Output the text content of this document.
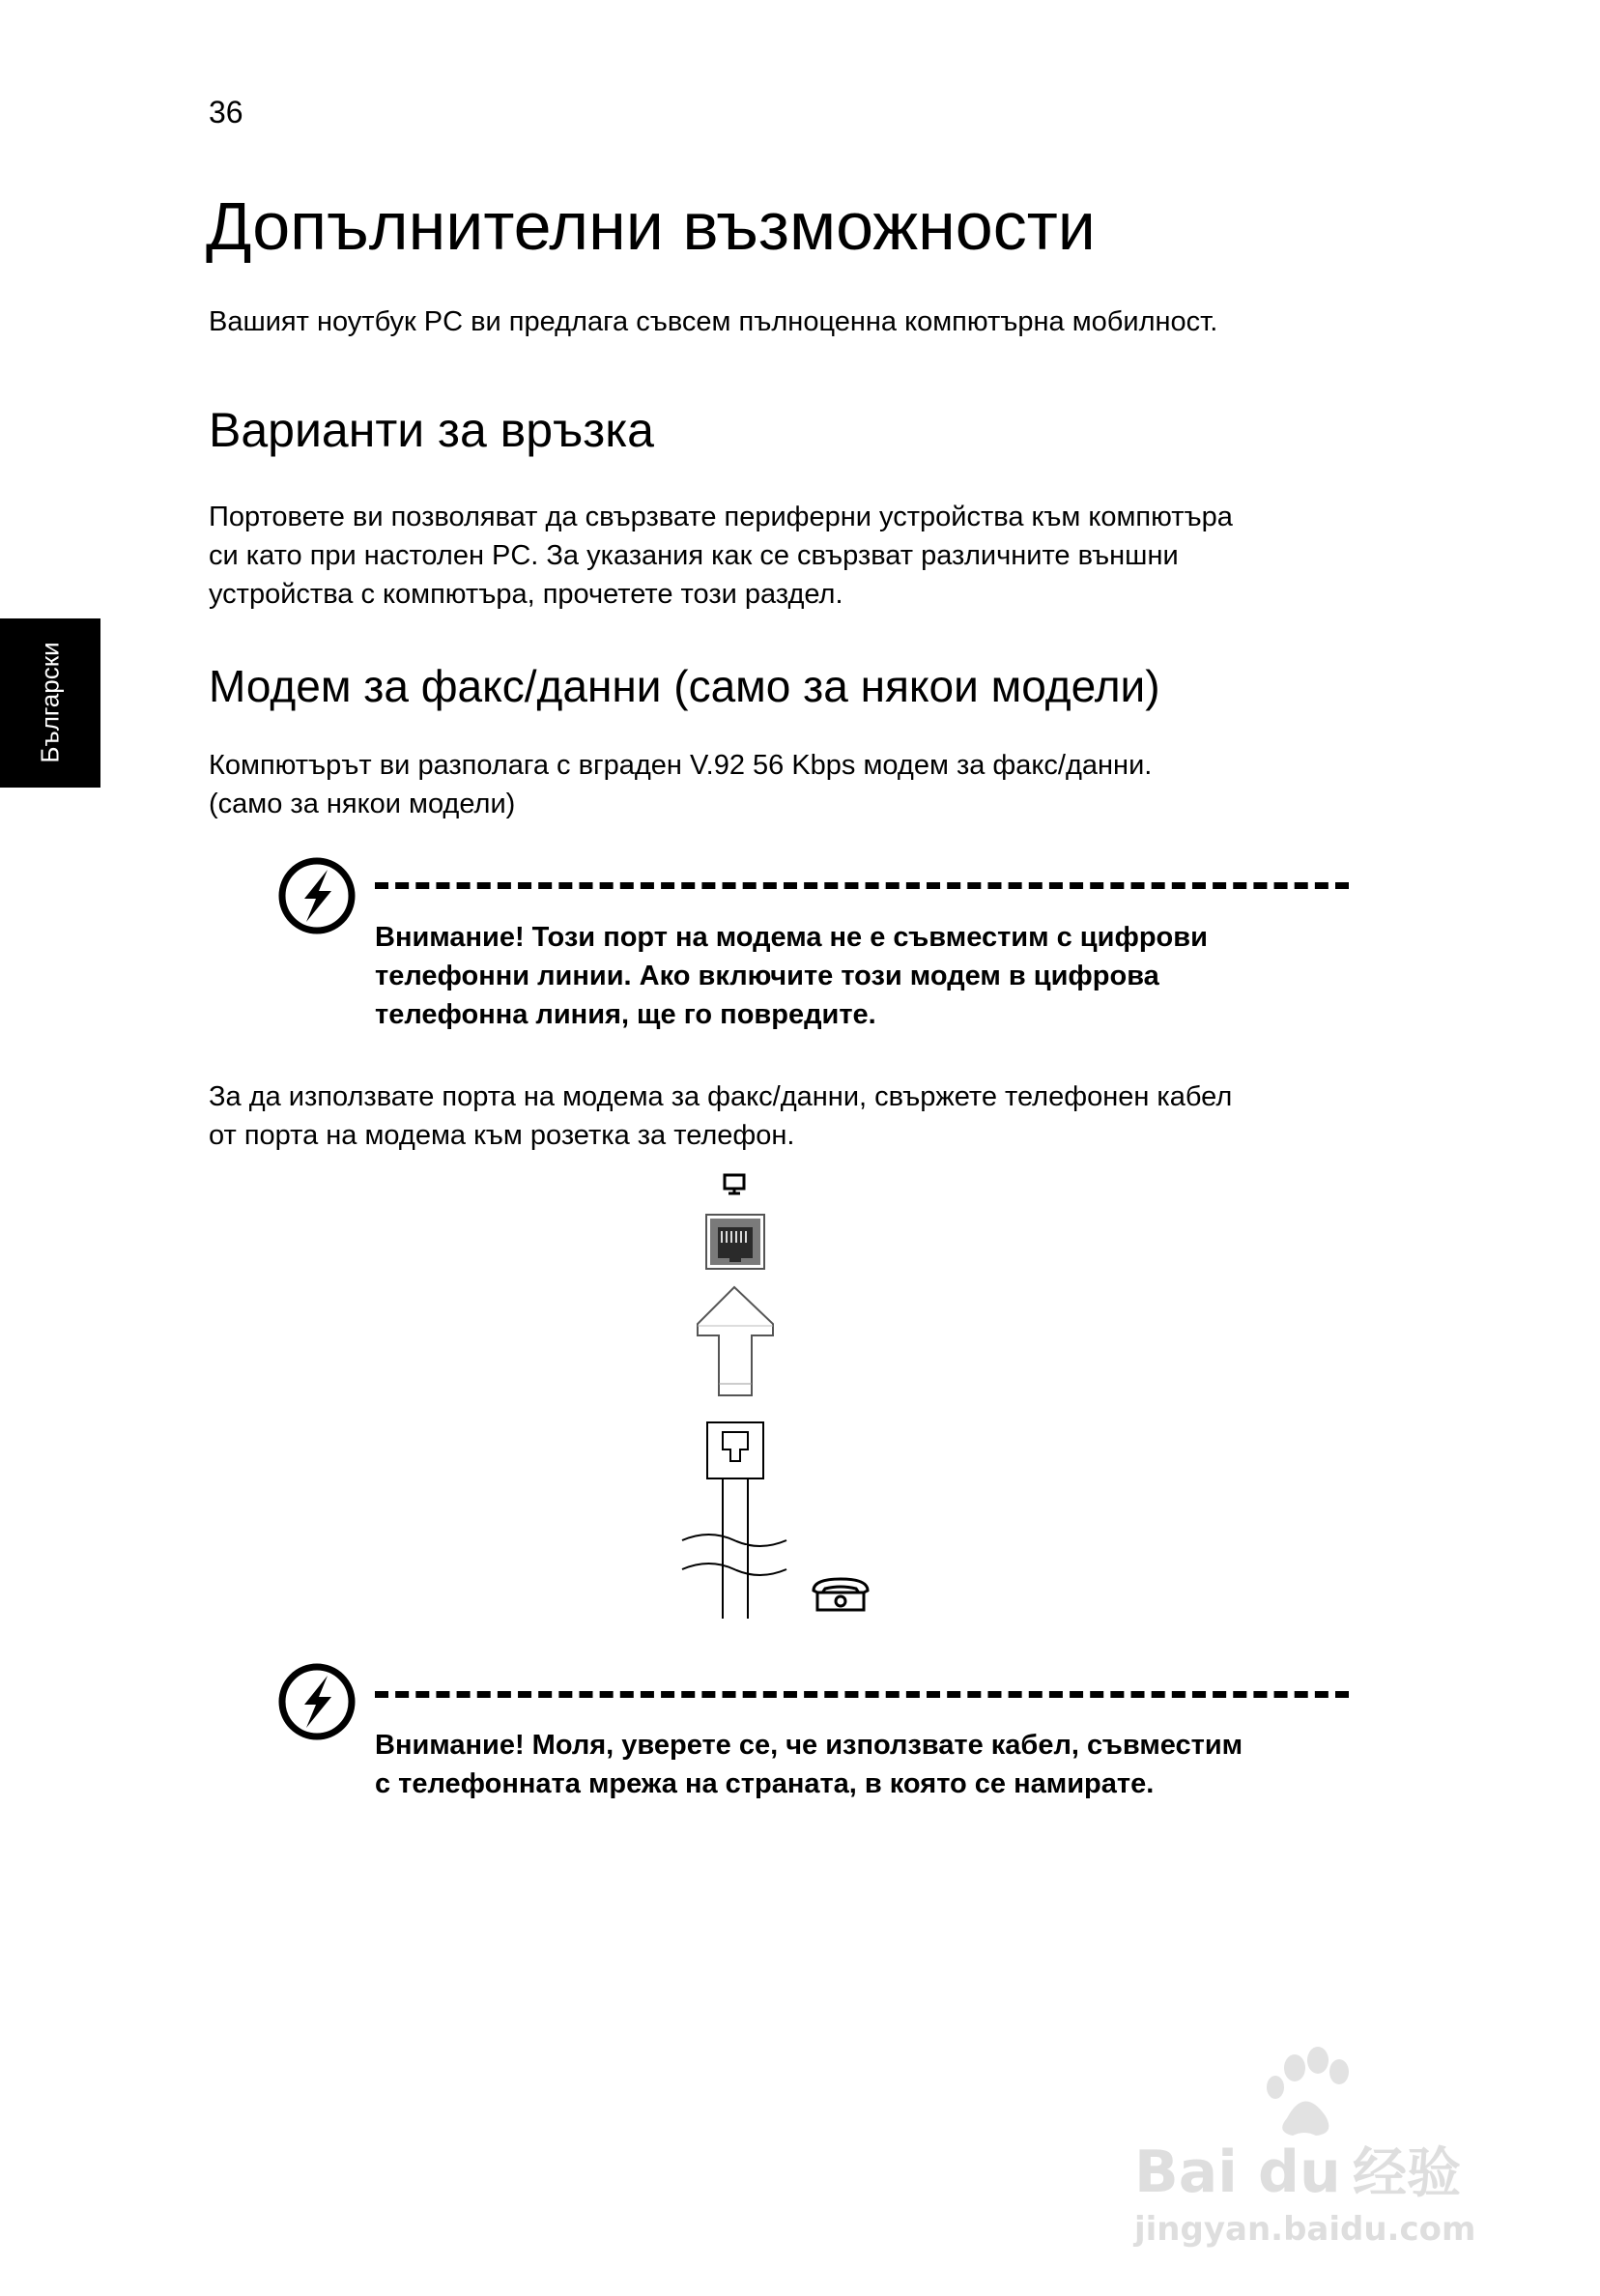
36
Български
Допълнителни възможности

Вашият ноутбук PC ви предлага съвсем пълноценна компютърна мобилност.

Варианти за връзка

Портовете ви позволяват да свързвате периферни устройства към компютъра

си като при настолен PC. За указания как се свързват различните външни

устройства с компютъра, прочетете този раздел.

Модем за факс/данни (само за някои модели)

Компютърът ви разполага с вграден V.92 56 Kbps модем за факс/данни.

(само за някои модели)

Внимание! Този порт на модема не е съвместим с цифрови

телефонни линии. Ако включите този модем в цифрова

телефонна линия, ще го повредите.

За да използвате порта на модема за факс/данни, свържете телефонен кабел

от порта на модема към розетка за телефон.

Внимание! Моля, уверете се, че използвате кабел, съвместим

с телефонната мрежа на страната, в която се намирате.

Bai du 经验
jingyan.baidu.com
